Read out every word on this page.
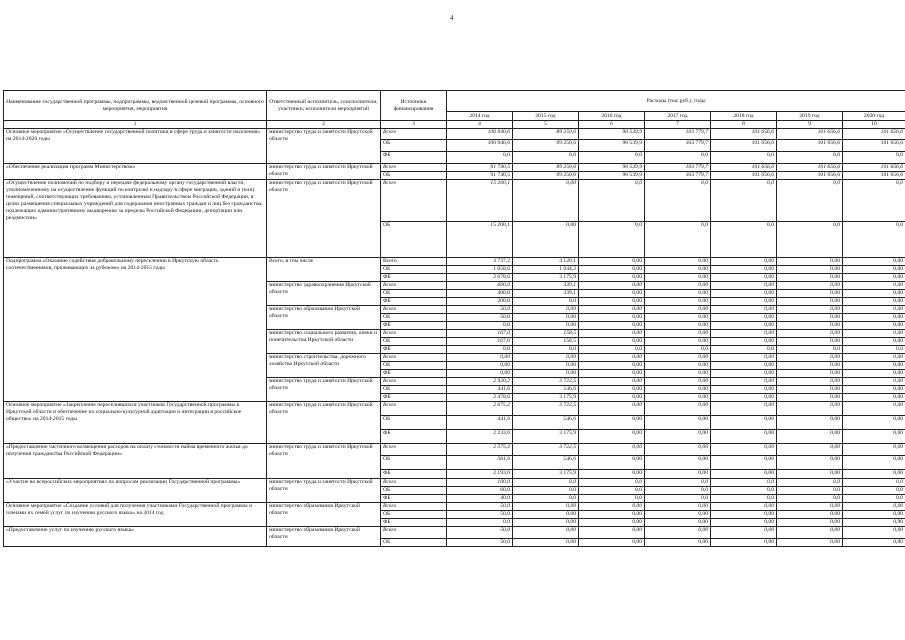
4
Наименование государственной программы, подпрограммы, ведомственной целевой программы, основного мероприятия, мероприятия	Ответственный исполнитель, соисполнители, участники, исполнители мероприятий	Источники финансирования	Расходы (тыс.руб.), годы						
			2014 год	2015 год	2016 год	2017 год	2018 год	2019 год	2020 год
1	2	3	4	5	6	7	8	9	10
Основное мероприятие «Осуществление государственной политики в сфере труда и занятости населения» на 2014-2020 годы	министерство труда и занятости Иркутской области	Всего	106 940,6	89 250,6	90 539,9	103 779,7	101 656,6	101 656,6	101 656,6
		ОБ	106 940,6	89 250,6	90 539,9	103 779,7	101 656,6	101 656,6	101 656,6
		ФБ	0,0	0,0	0,0	0,0	0,0	0,0	0,0
«Обеспечение реализации программ Министерством»	министерство труда и занятости Иркутской области	Всего	91 740,5	89 250,6	90 539,9	103 779,7	101 656,6	101 656,6	101 656,6
		ОБ	91 740,5	89 250,6	90 539,9	103 779,7	101 656,6	101 656,6	101 656,6
«Осуществление полномочий по подбору и передаче федеральному органу государственной власти, уполномоченному на осуществление функций по контролю и надзору в сфере миграции, зданий и (или) помещений, соответствующих требованиям, установленным Правительством Российской Федерации, в целях размещения специальных учреждений для содержания иностранных граждан и лиц без гражданства, подлежащих административному выдворению за пределы Российской Федерации, депортации или реадмиссии»	министерство труда и занятости Иркутской области	Всего	15 200,1	0,00	0,0	0,0	0,0	0,0	0,0
		ОБ	15 200,1	0,00	0,0	0,0	0,0	0,0	0,0
Подпрограмма «Оказание содействия добровольному переселению в Иркутскую область соотечественников, проживающих за рубежом» на 2014-2015 годы	Всего, в том числе	Всего	3 737,2	4 120,1	0,00	0,00	0,00	0,00	0,00
		ОБ	1 058,6	1 044,2	0,00	0,00	0,00	0,00	0,00
		ФБ	2 678,6	3 175,9	0,00	0,00	0,00	0,00	0,00
	министерство здравоохранения Иркутской области	Всего	600,0	339,1	0,00	0,00	0,00	0,00	0,00
		ОБ	400,0	339,1	0,00	0,00	0,00	0,00	0,00
		ФБ	200,0	0,0	0,00	0,00	0,00	0,00	0,00
	министерство образования Иркутской области	Всего	50,0	0,00	0,00	0,00	0,00	0,00	0,00
		ОБ	50,0	0,00	0,00	0,00	0,00	0,00	0,00
		ФБ	0,0	0,00	0,00	0,00	0,00	0,00	0,00
	министерство социального развития, опеки и попечительства Иркутской области	Всего	167,0	158,5	0,00	0,00	0,00	0,00	0,00
		ОБ	167,0	158,5	0,00	0,00	0,00	0,00	0,00
		ФБ	0,0	0,0	0,0	0,0	0,0	0,0	0,0
	министерство строительства, дорожного хозяйства Иркутской области	Всего	0,00	0,00	0,00	0,00	0,00	0,00	0,00
		ОБ	0,00	0,00	0,00	0,00	0,00	0,00	0,00
		ФБ	0,00	0,00	0,00	0,00	0,00	0,00	0,00
	министерство труда и занятости Иркутской области	Всего	2 920,2	3 722,5	0,00	0,00	0,00	0,00	0,00
		ОБ	441,6	546,6	0,00	0,00	0,00	0,00	0,00
		ФБ	2 478,6	3 175,9	0,00	0,00	0,00	0,00	0,00
Основное мероприятие «Закрепление переселившихся участников Государственной программы в Иркутской области и обеспечение их социально-культурной адаптации и интеграции в российское общество» на 2014-2015 годы	министерство труда и занятости Иркутской области	Всего	2 675,2	3 722,5	0,00	0,00	0,00	0,00	0,00
		ОБ	441,6	546,6	0,00	0,00	0,00	0,00	0,00
		ФБ	2 233,6	3 175,9	0,00	0,00	0,00	0,00	0,00
«Предоставление частичного возмещения расходов на оплату стоимости найма временного жилья до получения гражданства Российской Федерации»	министерство труда и занятости Иркутской области	Всего	2 575,2	3 722,5	0,00	0,00	0,00	0,00	0,00
		ОБ	381,6	546,6	0,00	0,00	0,00	0,00	0,00
		ФБ	2 193,6	3 175,9	0,00	0,00	0,00	0,00	0,00
«Участие во всероссийских мероприятиях по вопросам реализации Государственной программы»	министерство труда и занятости Иркутской области	Всего	100,0	0,0	0,0	0,0	0,0	0,0	0,0
		ОБ	60,0	0,0	0,0	0,0	0,0	0,0	0,0
		ФБ	40,0	0,0	0,0	0,0	0,0	0,0	0,0
Основное мероприятие «Создание условий для получения участниками Государственной программы и членами их семей услуг по изучению русского языка» на 2014 год	министерство образования Иркутской области	Всего	50,0	0,00	0,00	0,00	0,00	0,00	0,00
		ОБ	50,0	0,00	0,00	0,00	0,00	0,00	0,00
		ФБ	0,0	0,00	0,00	0,00	0,00	0,00	0,00
«Предоставление услуг по изучению русского языка»	министерство образования Иркутской области	Всего	50,0	0,00	0,00	0,00	0,00	0,00	0,00
		ОБ	50,0	0,00	0,00	0,00	0,00	0,00	0,00
